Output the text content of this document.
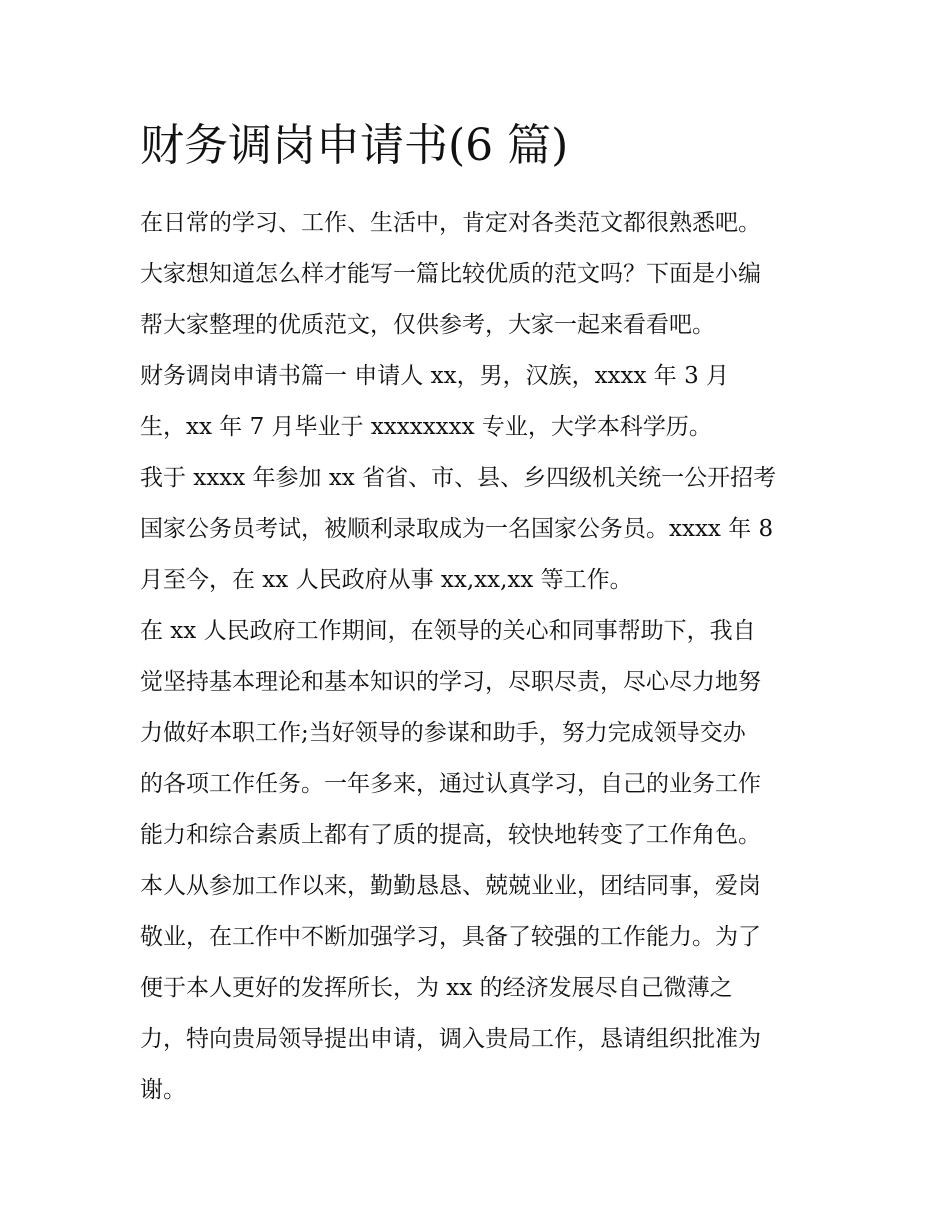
财务调岗申请书(6 篇)
在日常的学习、工作、生活中，肯定对各类范文都很熟悉吧。
大家想知道怎么样才能写一篇比较优质的范文吗？下面是小编
帮大家整理的优质范文，仅供参考，大家一起来看看吧。
财务调岗申请书篇一 申请人 xx，男，汉族，xxxx 年 3 月
生，xx 年 7 月毕业于 xxxxxxxx 专业，大学本科学历。
我于 xxxx 年参加 xx 省省、市、县、乡四级机关统一公开招考
国家公务员考试，被顺利录取成为一名国家公务员。xxxx 年 8
月至今，在 xx 人民政府从事 xx,xx,xx 等工作。
在 xx 人民政府工作期间，在领导的关心和同事帮助下，我自
觉坚持基本理论和基本知识的学习，尽职尽责，尽心尽力地努
力做好本职工作;当好领导的参谋和助手，努力完成领导交办
的各项工作任务。一年多来，通过认真学习，自己的业务工作
能力和综合素质上都有了质的提高，较快地转变了工作角色。
本人从参加工作以来，勤勤恳恳、兢兢业业，团结同事，爱岗
敬业，在工作中不断加强学习，具备了较强的工作能力。为了
便于本人更好的发挥所长，为 xx 的经济发展尽自己微薄之
力，特向贵局领导提出申请，调入贵局工作，恳请组织批准为
谢。
